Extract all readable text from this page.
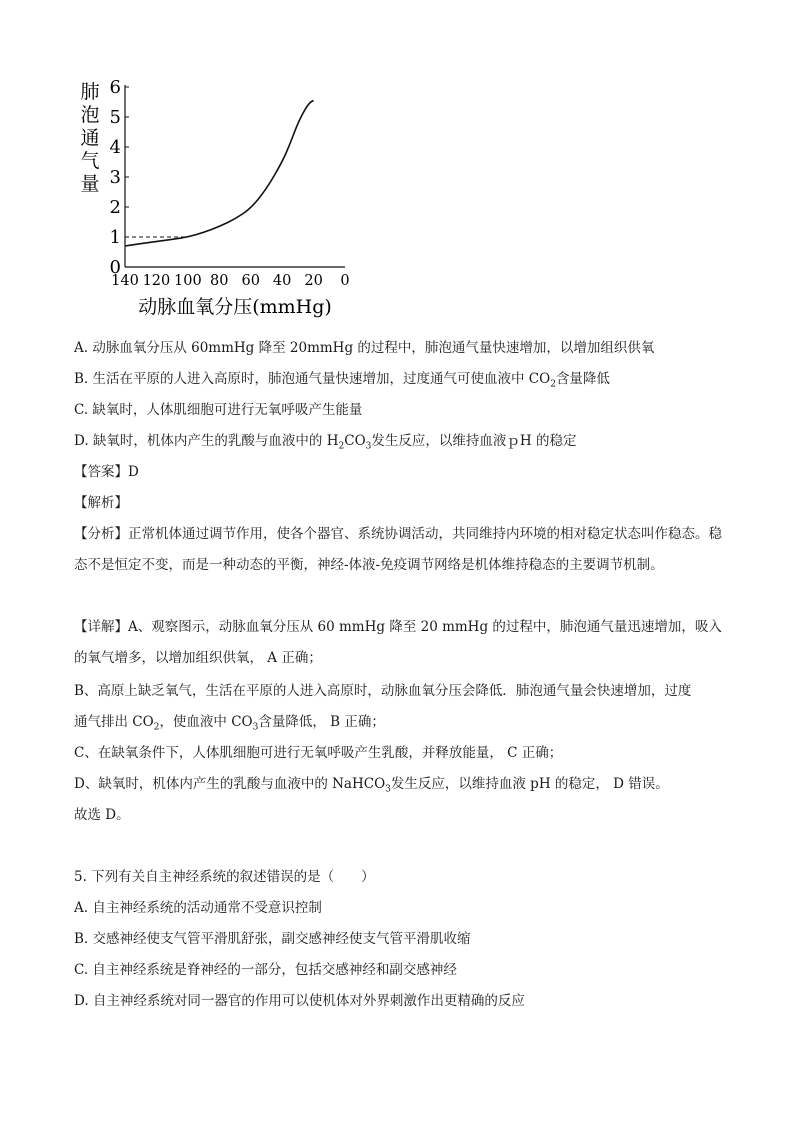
肺
泡
通
气
量
0
1
2
3
4
5
6
140 120 100 80 60 40 20 0
动脉血氧分压(mmHg)
A. 动脉血氧分压从 60mmHg 降至 20mmHg 的过程中，肺泡通气量快速增加，以增加组织供氧
B. 生活在平原的人进入高原时，肺泡通气量快速增加，过度通气可使血液中 $CO_2$含量降低
C. 缺氧时，人体肌细胞可进行无氧呼吸产生能量
D. 缺氧时，机体内产生的乳酸与血液中的 $H_2CO_3$发生反应，以维持血液ｐH 的稳定
【答案】D
【解析】
【分析】正常机体通过调节作用，使各个器官、系统协调活动，共同维持内环境的相对稳定状态叫作稳态。稳态不是恒定不变，而是一种动态的平衡，神经-体液-免疫调节网络是机体维持稳态的主要调节机制。
【详解】A、观察图示，动脉血氧分压从 60 mmHg 降至 20 mmHg 的过程中，肺泡通气量迅速增加，吸入的氧气增多，以增加组织供氧， A 正确；
B、高原上缺乏氧气，生活在平原的人进入高原时，动脉血氧分压会降低．肺泡通气量会快速增加，过度
通气排出 $CO_2$，使血液中 $CO_3$含量降低， B 正确；
C、在缺氧条件下，人体肌细胞可进行无氧呼吸产生乳酸，并释放能量， C 正确；
D、缺氧时，机体内产生的乳酸与血液中的 NaHCO$_3$发生反应，以维持血液 pH 的稳定， D 错误。
故选 D。
5. 下列有关自主神经系统的叙述错误的是（　　）
A. 自主神经系统的活动通常不受意识控制
B. 交感神经使支气管平滑肌舒张，副交感神经使支气管平滑肌收缩
C. 自主神经系统是脊神经的一部分，包括交感神经和副交感神经
D. 自主神经系统对同一器官的作用可以使机体对外界刺激作出更精确的反应
